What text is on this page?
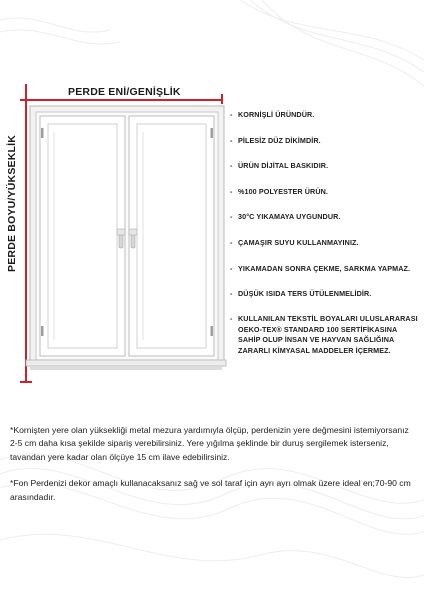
PERDE ENİ/GENİŞLİK
PERDE BOYU/YÜKSEKLİK
- KORNİŞLİ ÜRÜNDÜR.
- PİLESİZ DÜZ DİKİMDİR.
- ÜRÜN DİJİTAL BASKIDIR.
- %100 POLYESTER ÜRÜN.
- 30°C YIKAMAYA UYGUNDUR.
- ÇAMAŞIR SUYU KULLANMAYINIZ.
- YIKAMADAN SONRA ÇEKME, SARKMA YAPMAZ.
- DÜŞÜK ISIDA TERS ÜTÜLENMELİDİR.
- KULLANILAN TEKSTİL BOYALARI ULUSLARARASI OEKO-TEX® STANDARD 100 SERTİFİKASINA SAHİP OLUP İNSAN VE HAYVAN SAĞLIĞINA ZARARLI KİMYASAL MADDELER İÇERMEZ.

*Kornişten yere olan yüksekliği metal mezura yardımıyla ölçüp, perdenizin yere değmesini istemiyorsanız 2-5 cm daha kısa şekilde sipariş verebilirsiniz. Yere yığılma şeklinde bir duruş sergilemek isterseniz, tavandan yere kadar olan ölçüye 15 cm ilave edebilirsiniz.

*Fon Perdenizi dekor amaçlı kullanacaksanız sağ ve sol taraf için ayrı ayrı olmak üzere ideal en;70-90 cm arasındadır.
